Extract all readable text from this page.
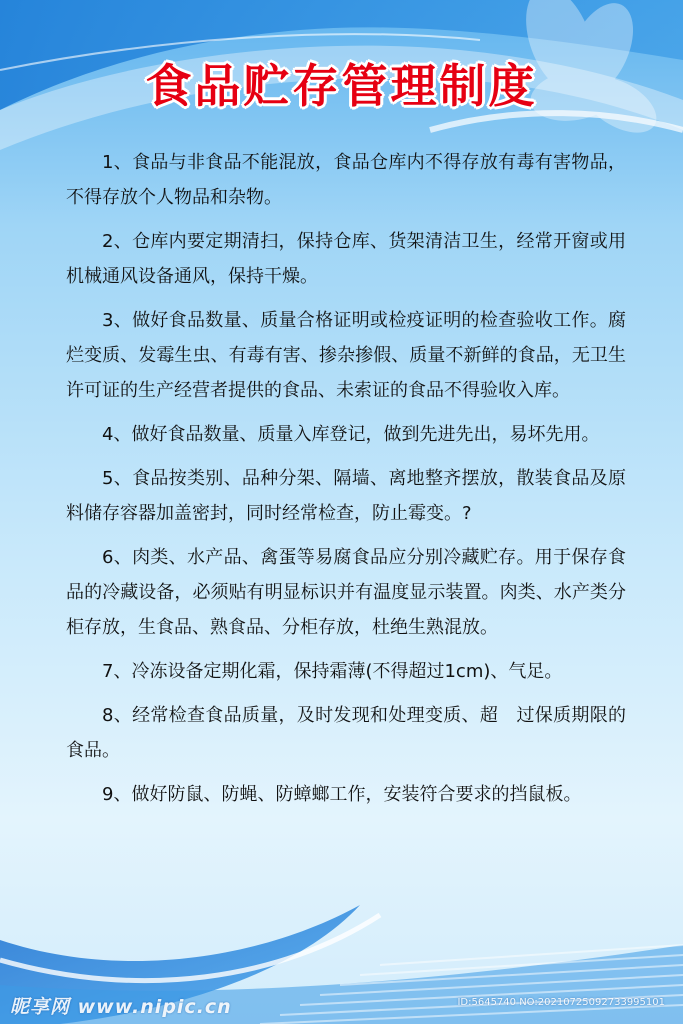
食品贮存管理制度

1、食品与非食品不能混放，食品仓库内不得存放有毒有害物品，不得存放个人物品和杂物。

2、仓库内要定期清扫，保持仓库、货架清洁卫生，经常开窗或用机械通风设备通风，保持干燥。

3、做好食品数量、质量合格证明或检疫证明的检查验收工作。腐烂变质、发霉生虫、有毒有害、掺杂掺假、质量不新鲜的食品，无卫生许可证的生产经营者提供的食品、未索证的食品不得验收入库。

4、做好食品数量、质量入库登记，做到先进先出，易坏先用。

5、食品按类别、品种分架、隔墙、离地整齐摆放，散装食品及原料储存容器加盖密封，同时经常检查，防止霉变。?

6、肉类、水产品、禽蛋等易腐食品应分别冷藏贮存。用于保存食品的冷藏设备，必须贴有明显标识并有温度显示装置。肉类、水产类分柜存放，生食品、熟食品、分柜存放，杜绝生熟混放。

7、冷冻设备定期化霜，保持霜薄(不得超过1cm)、气足。

8、经常检查食品质量，及时发现和处理变质、超　过保质期限的食品。

9、做好防鼠、防蝇、防蟑螂工作，安装符合要求的挡鼠板。

昵享网 www.nipic.cn	ID:5645740 NO:20210725092733995101
